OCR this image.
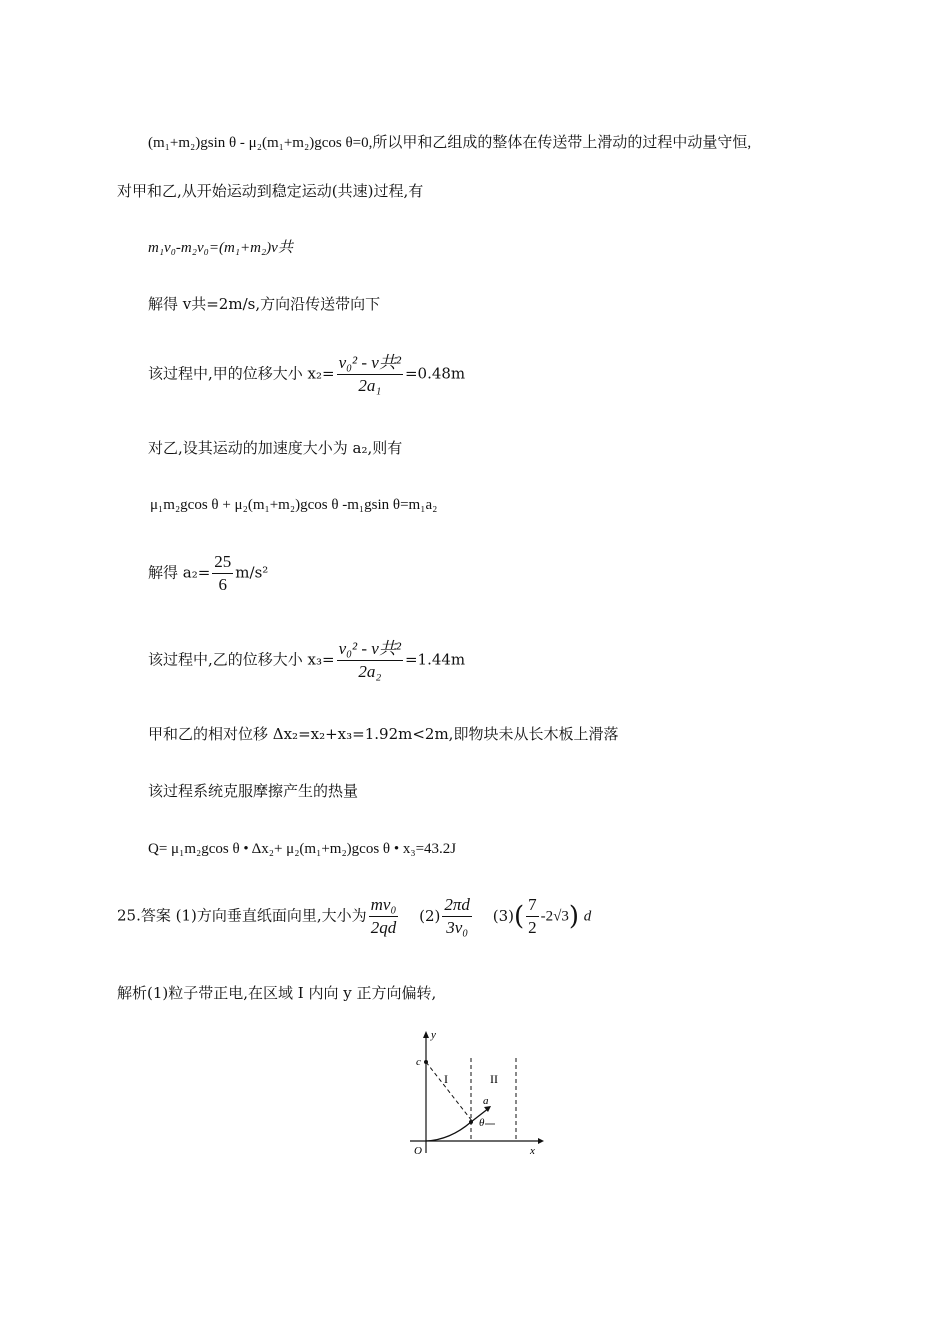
(m₁+m₂)gsin θ - μ₂(m₁+m₂)gcos θ=0,所以甲和乙组成的整体在传送带上滑动的过程中动量守恒,
对甲和乙,从开始运动到稳定运动(共速)过程,有
m₁v₀-m₂v₀=(m₁+m₂)v共
解得 v共=2m/s,方向沿传送带向下
该过程中,甲的位移大小 $x_2= \frac{\text{v₀² - v共²}}{\text{2a₁}} =0.48m$
对乙,设其运动的加速度大小为 a₂,则有
μ₁m₂gcos θ + μ₂(m₁+m₂)gcos θ -m₁gsin θ=m₁a₂
解得 $a_2= \frac{25}{6} m/s^2$
该过程中,乙的位移大小 $x_3= \frac{\text{v₀² - v共²}}{\text{2a₂}} =1.44m$
甲和乙的相对位移 Δx₂=x₂+x₃=1.92m<2m,即物块未从长木板上滑落
该过程系统克服摩擦产生的热量
Q= μ₁m₂gcos θ • Δx₂+ μ₂(m₁+m₂)gcos θ • x₃=43.2J
25.答案 (1)方向垂直纸面向里,大小为 $\frac{\text{mv₀}}{2qd} (2) \frac{2\pi d}{\text{3v₀}} (3)( \frac{7}{2} -2√3)$ d
解析(1)粒子带正电,在区域 I 内向 y 正方向偏转,
y
x
O
c
I	II
a
θ
